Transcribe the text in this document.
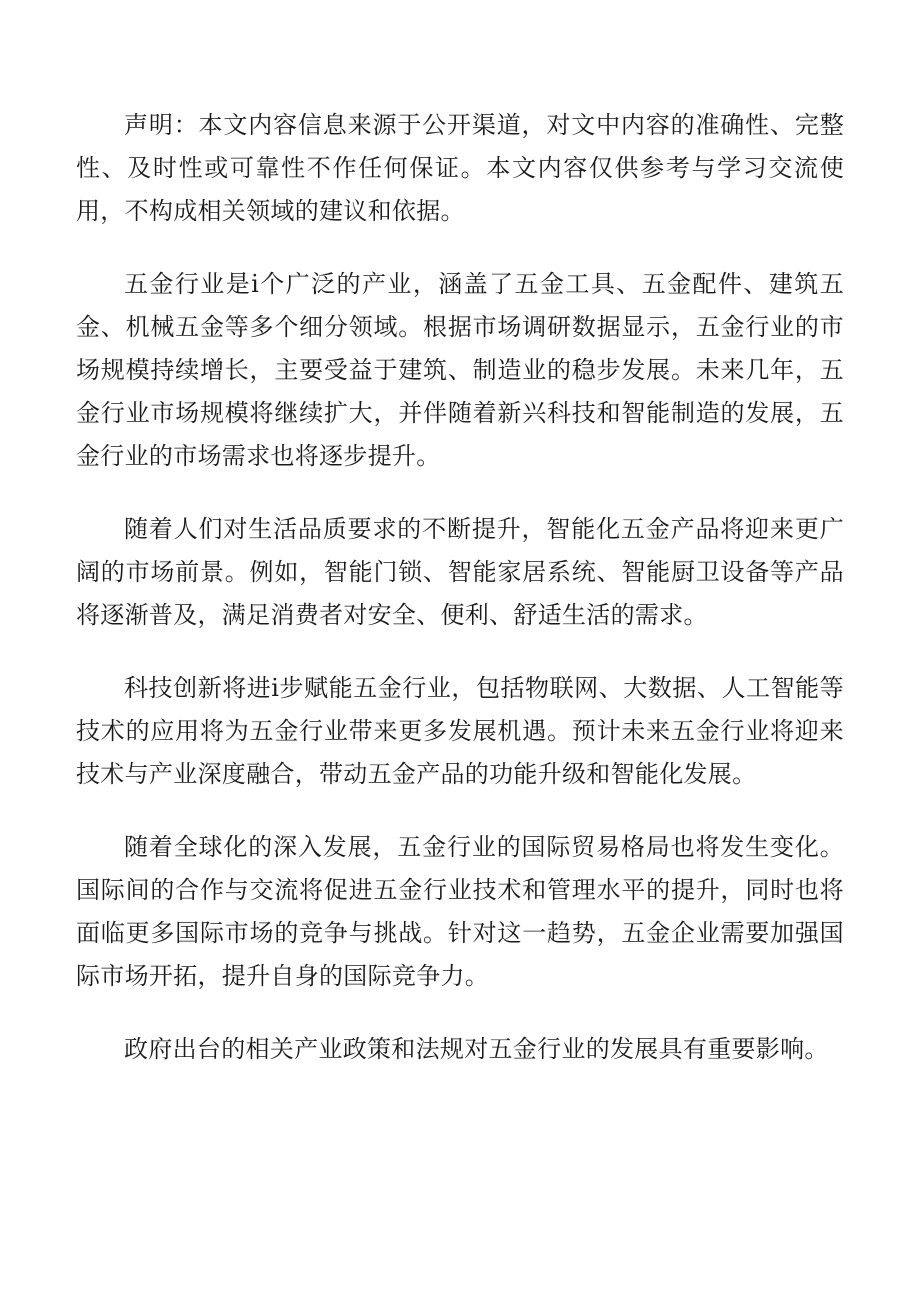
声明：本文内容信息来源于公开渠道，对文中内容的准确性、完整性、及时性或可靠性不作任何保证。本文内容仅供参考与学习交流使用，不构成相关领域的建议和依据。

五金行业是i个广泛的产业，涵盖了五金工具、五金配件、建筑五金、机械五金等多个细分领域。根据市场调研数据显示，五金行业的市场规模持续增长，主要受益于建筑、制造业的稳步发展。未来几年，五金行业市场规模将继续扩大，并伴随着新兴科技和智能制造的发展，五金行业的市场需求也将逐步提升。

随着人们对生活品质要求的不断提升，智能化五金产品将迎来更广阔的市场前景。例如，智能门锁、智能家居系统、智能厨卫设备等产品将逐渐普及，满足消费者对安全、便利、舒适生活的需求。

科技创新将进i步赋能五金行业，包括物联网、大数据、人工智能等技术的应用将为五金行业带来更多发展机遇。预计未来五金行业将迎来技术与产业深度融合，带动五金产品的功能升级和智能化发展。

随着全球化的深入发展，五金行业的国际贸易格局也将发生变化。国际间的合作与交流将促进五金行业技术和管理水平的提升，同时也将面临更多国际市场的竞争与挑战。针对这一趋势，五金企业需要加强国际市场开拓，提升自身的国际竞争力。

政府出台的相关产业政策和法规对五金行业的发展具有重要影响。
